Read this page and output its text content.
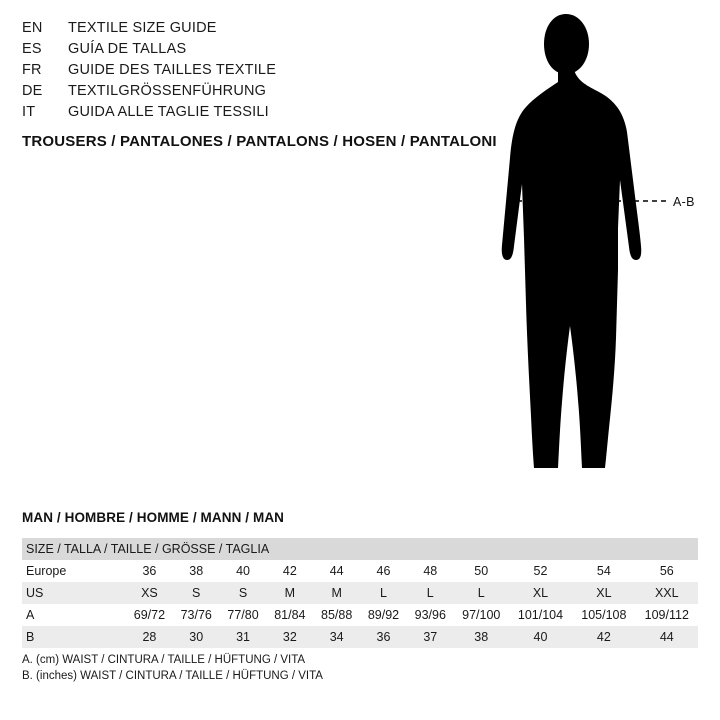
EN	TEXTILE SIZE GUIDE
ES	GUÍA DE TALLAS
FR	GUIDE DES TAILLES TEXTILE
DE	TEXTILGRÖSSENFÜHRUNG
IT	GUIDA ALLE TAGLIE TESSILI
TROUSERS / PANTALONES / PANTALONS / HOSEN / PANTALONI
A-B
MAN / HOMBRE / HOMME / MANN / MAN
SIZE / TALLA / TAILLE / GRÖSSE / TAGLIA											
Europe	36	38	40	42	44	46	48	50	52	54	56
US	XS	S	S	M	M	L	L	L	XL	XL	XXL
A	69/72	73/76	77/80	81/84	85/88	89/92	93/96	97/100	101/104	105/108	109/112
B	28	30	31	32	34	36	37	38	40	42	44
A. (cm) WAIST / CINTURA / TAILLE / HÜFTUNG / VITA
B. (inches) WAIST / CINTURA / TAILLE / HÜFTUNG / VITA
